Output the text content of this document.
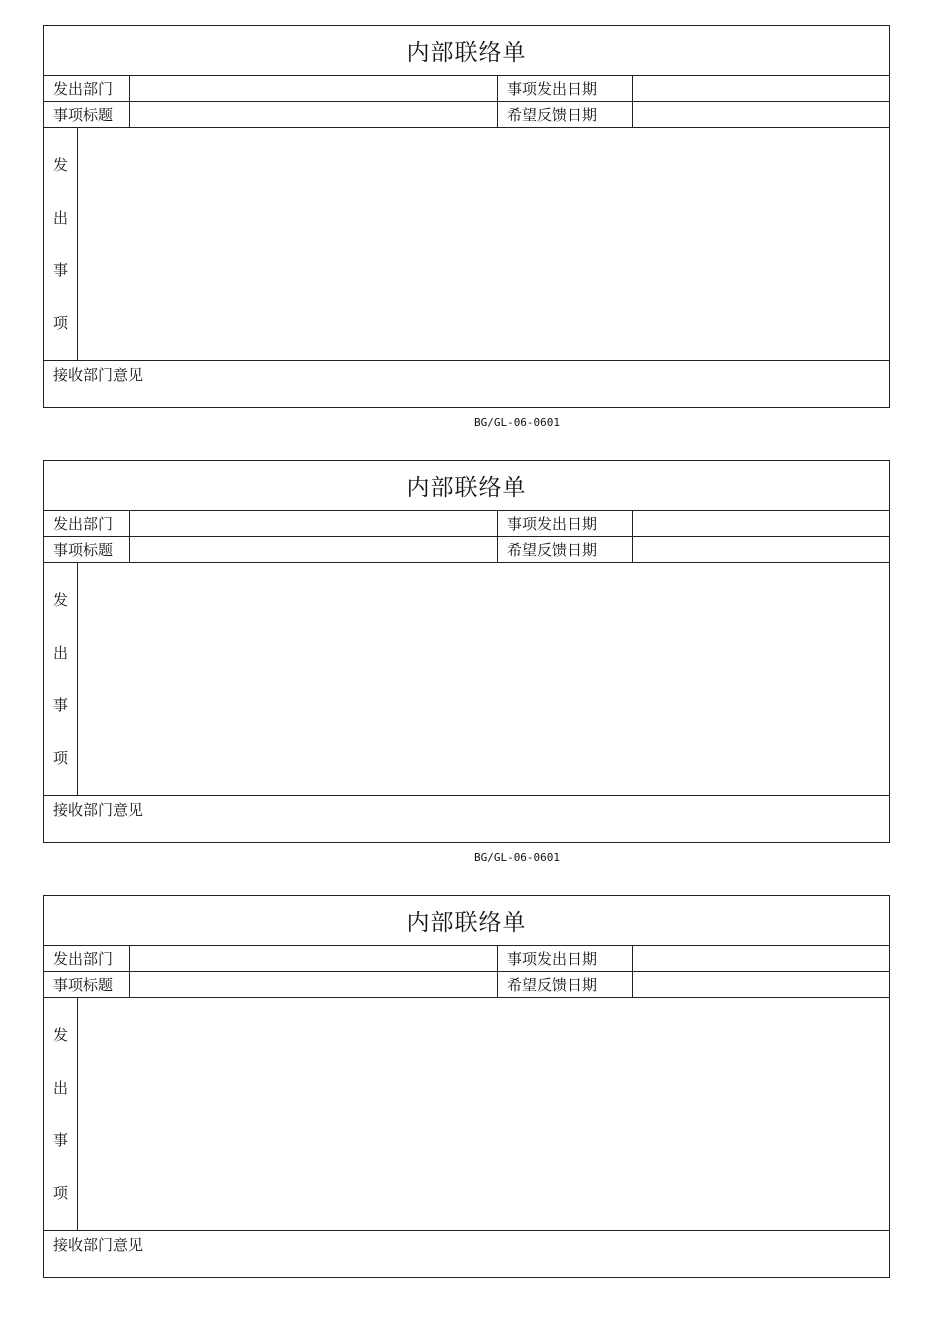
内部联络单
发出部门	事项发出日期
事项标题	希望反馈日期
发
出
事
项
接收部门意见
BG/GL-06-0601
内部联络单
发出部门	事项发出日期
事项标题	希望反馈日期
发
出
事
项
接收部门意见
BG/GL-06-0601
内部联络单
发出部门	事项发出日期
事项标题	希望反馈日期
发
出
事
项
接收部门意见
